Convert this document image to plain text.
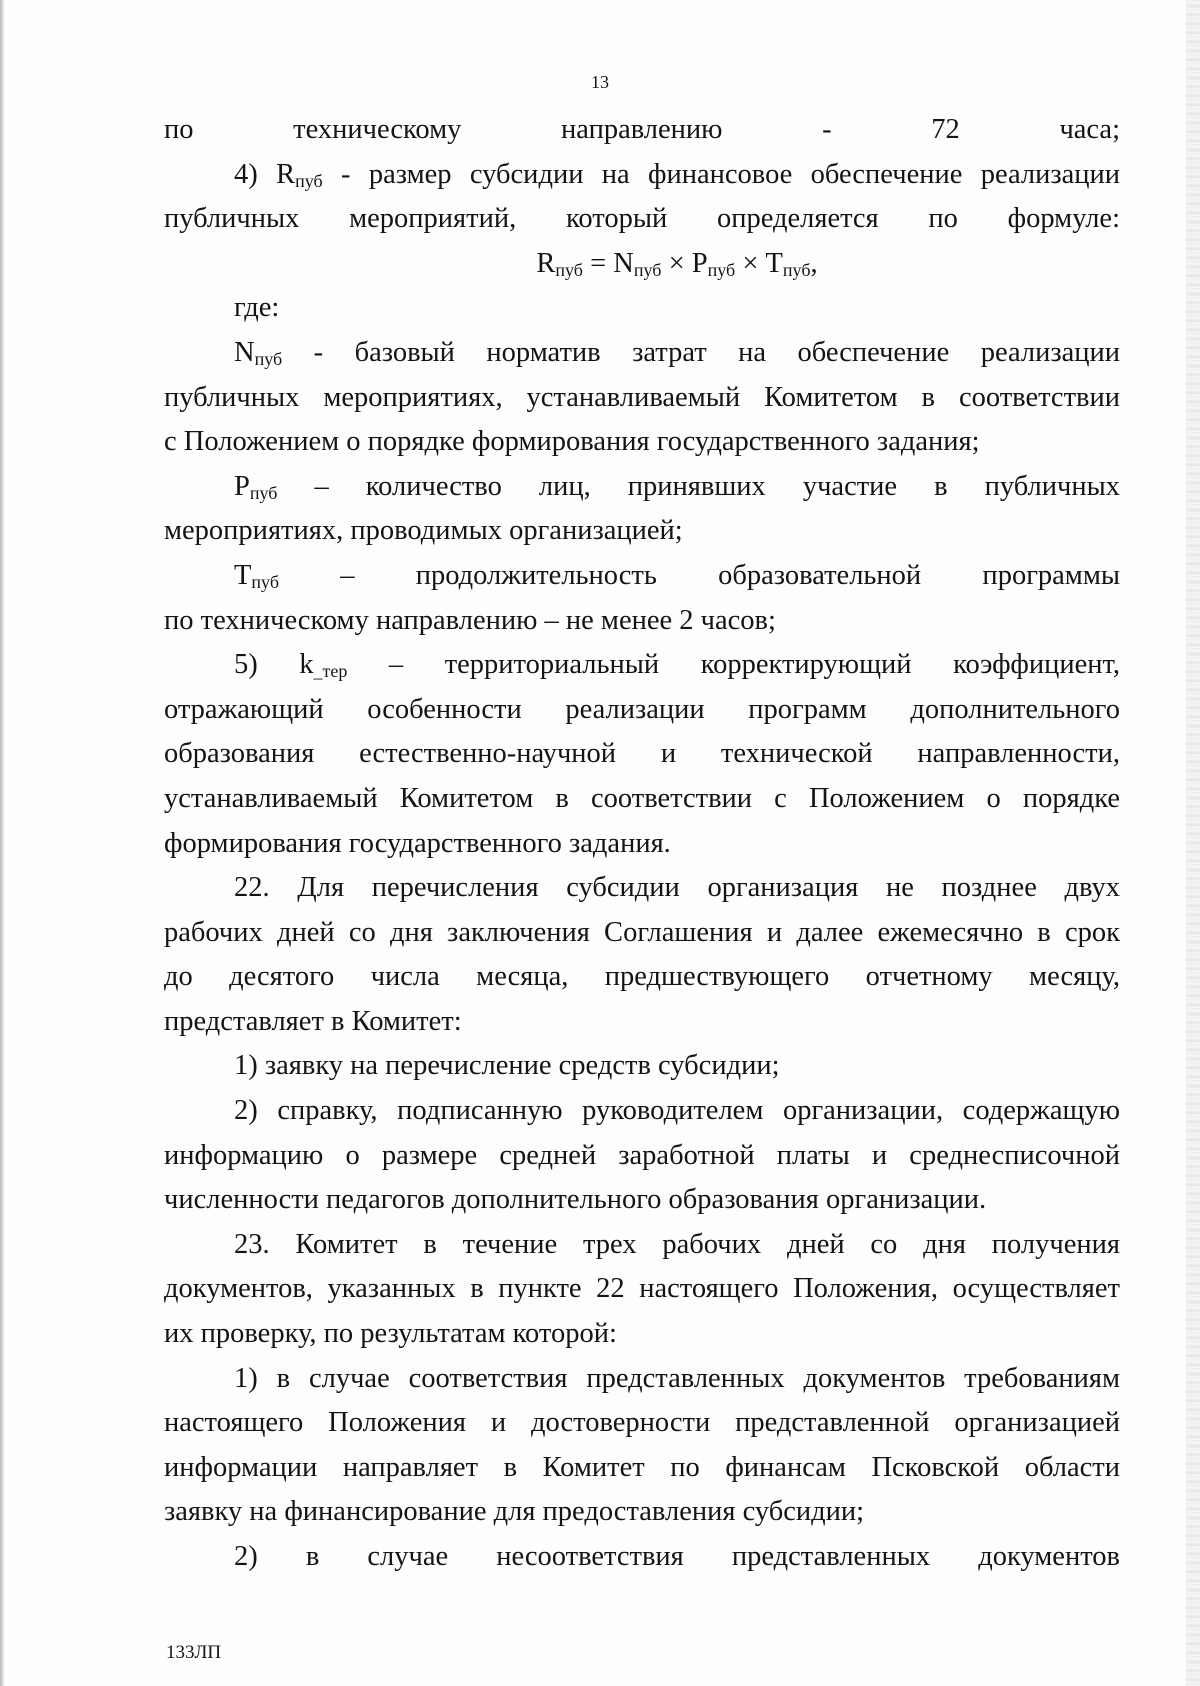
13

по техническому направлению - 72 часа;

4) $R_{пуб}$ - размер субсидии на финансовое обеспечение реализации

публичных мероприятий, который определяется по формуле:

$R_{пуб} = N_{пуб} \times P_{пуб} \times T_{пуб}$,

где:

$N_{пуб}$ - базовый норматив затрат на обеспечение реализации

публичных мероприятиях, устанавливаемый Комитетом в соответствии

с Положением о порядке формирования государственного задания;

$P_{пуб}$ – количество лиц, принявших участие в публичных

мероприятиях, проводимых организацией;

$T_{пуб}$ – продолжительность образовательной программы

по техническому направлению – не менее 2 часов;

5) $k_{\_тер}$ – территориальный корректирующий коэффициент,

отражающий особенности реализации программ дополнительного

образования естественно-научной и технической направленности,

устанавливаемый Комитетом в соответствии с Положением о порядке

формирования государственного задания.

22. Для перечисления субсидии организация не позднее двух

рабочих дней со дня заключения Соглашения и далее ежемесячно в срок

до десятого числа месяца, предшествующего отчетному месяцу,

представляет в Комитет:

1) заявку на перечисление средств субсидии;

2) справку, подписанную руководителем организации, содержащую

информацию о размере средней заработной платы и среднесписочной

численности педагогов дополнительного образования организации.

23. Комитет в течение трех рабочих дней со дня получения

документов, указанных в пункте 22 настоящего Положения, осуществляет

их проверку, по результатам которой:

1) в случае соответствия представленных документов требованиям

настоящего Положения и достоверности представленной организацией

информации направляет в Комитет по финансам Псковской области

заявку на финансирование для предоставления субсидии;

2) в случае несоответствия представленных документов

133ЛП
